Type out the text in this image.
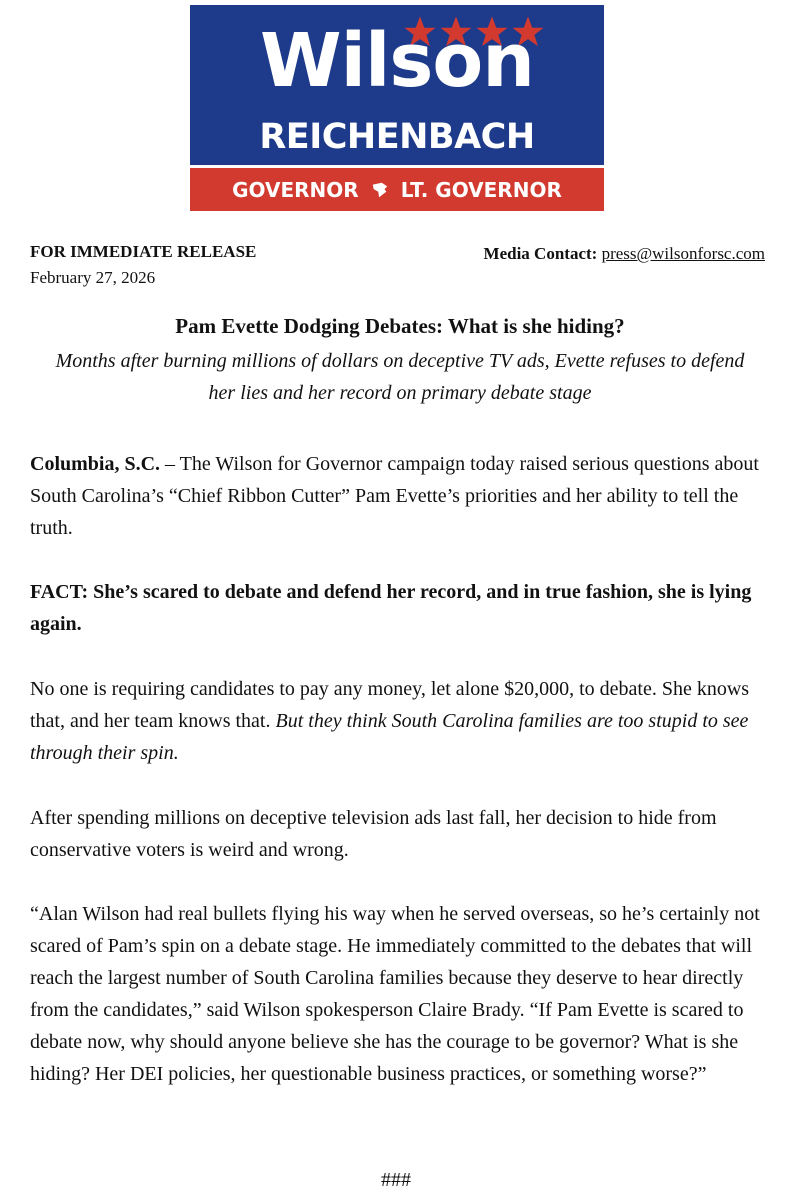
Wilson
REICHENBACH
GOVERNOR LT. GOVERNOR
FOR IMMEDIATE RELEASE
February 27, 2026
Media Contact: press@wilsonforsc.com
Pam Evette Dodging Debates: What is she hiding?
Months after burning millions of dollars on deceptive TV ads, Evette refuses to defend her lies and her record on primary debate stage

Columbia, S.C. – The Wilson for Governor campaign today raised serious questions about South Carolina’s “Chief Ribbon Cutter” Pam Evette’s priorities and her ability to tell the truth.

FACT: She’s scared to debate and defend her record, and in true fashion, she is lying again.

No one is requiring candidates to pay any money, let alone $20,000, to debate. She knows that, and her team knows that. But they think South Carolina families are too stupid to see through their spin.

After spending millions on deceptive television ads last fall, her decision to hide from conservative voters is weird and wrong.

“Alan Wilson had real bullets flying his way when he served overseas, so he’s certainly not scared of Pam’s spin on a debate stage. He immediately committed to the debates that will reach the largest number of South Carolina families because they deserve to hear directly from the candidates,” said Wilson spokesperson Claire Brady. “If Pam Evette is scared to debate now, why should anyone believe she has the courage to be governor? What is she hiding? Her DEI policies, her questionable business practices, or something worse?”

###
